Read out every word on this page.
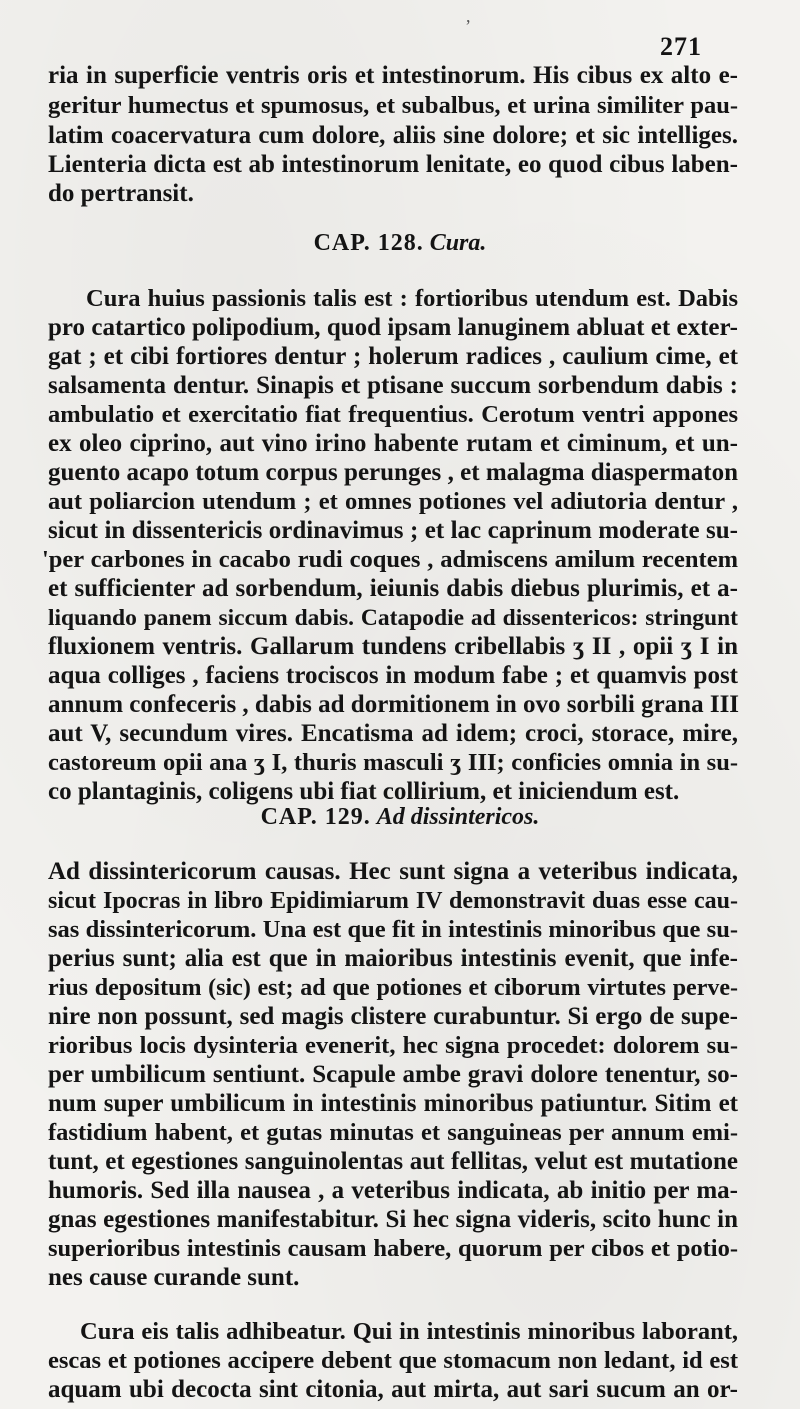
,
271
ria in superficie ventris oris et intestinorum. His cibus ex alto e-
geritur humectus et spumosus, et subalbus, et urina similiter pau-
latim coacervatura cum dolore, aliis sine dolore; et sic intelliges.
Lienteria dicta est ab intestinorum lenitate, eo quod cibus laben-
do pertransit.
CAP. 128. Cura.
Cura huius passionis talis est : fortioribus utendum est. Dabis
pro catartico polipodium, quod ipsam lanuginem abluat et exter-
gat ; et cibi fortiores dentur ; holerum radices , caulium cime, et
salsamenta dentur. Sinapis et ptisane succum sorbendum dabis :
ambulatio et exercitatio fiat frequentius. Cerotum ventri appones
ex oleo ciprino, aut vino irino habente rutam et ciminum, et un-
guento acapo totum corpus perunges , et malagma diaspermaton
aut poliarcion utendum ; et omnes potiones vel adiutoria dentur ,
sicut in dissentericis ordinavimus ; et lac caprinum moderate su-
'per carbones in cacabo rudi coques , admiscens amilum recentem
et sufficienter ad sorbendum, ieiunis dabis diebus plurimis, et a-
liquando panem siccum dabis. Catapodie ad dissentericos: stringunt
fluxionem ventris. Gallarum tundens cribellabis ʒ II , opii ʒ I in
aqua colliges , faciens trociscos in modum fabe ; et quamvis post
annum confeceris , dabis ad dormitionem in ovo sorbili grana III
aut V, secundum vires. Encatisma ad idem; croci, storace, mire,
castoreum opii ana ʒ I, thuris masculi ʒ III; conficies omnia in su-
co plantaginis, coligens ubi fiat collirium, et iniciendum est.
CAP. 129. Ad dissintericos.
Ad dissintericorum causas. Hec sunt signa a veteribus indicata,
sicut Ipocras in libro Epidimiarum IV demonstravit duas esse cau-
sas dissintericorum. Una est que fit in intestinis minoribus que su-
perius sunt; alia est que in maioribus intestinis evenit, que infe-
rius depositum (sic) est; ad que potiones et ciborum virtutes perve-
nire non possunt, sed magis clistere curabuntur. Si ergo de supe-
rioribus locis dysinteria evenerit, hec signa procedet: dolorem su-
per umbilicum sentiunt. Scapule ambe gravi dolore tenentur, so-
num super umbilicum in intestinis minoribus patiuntur. Sitim et
fastidium habent, et gutas minutas et sanguineas per annum emi-
tunt, et egestiones sanguinolentas aut fellitas, velut est mutatione
humoris. Sed illa nausea , a veteribus indicata, ab initio per ma-
gnas egestiones manifestabitur. Si hec signa videris, scito hunc in
superioribus intestinis causam habere, quorum per cibos et potio-
nes cause curande sunt.
Cura eis talis adhibeatur. Qui in intestinis minoribus laborant,
escas et potiones accipere debent que stomacum non ledant, id est
aquam ubi decocta sint citonia, aut mirta, aut sari sucum an or-
